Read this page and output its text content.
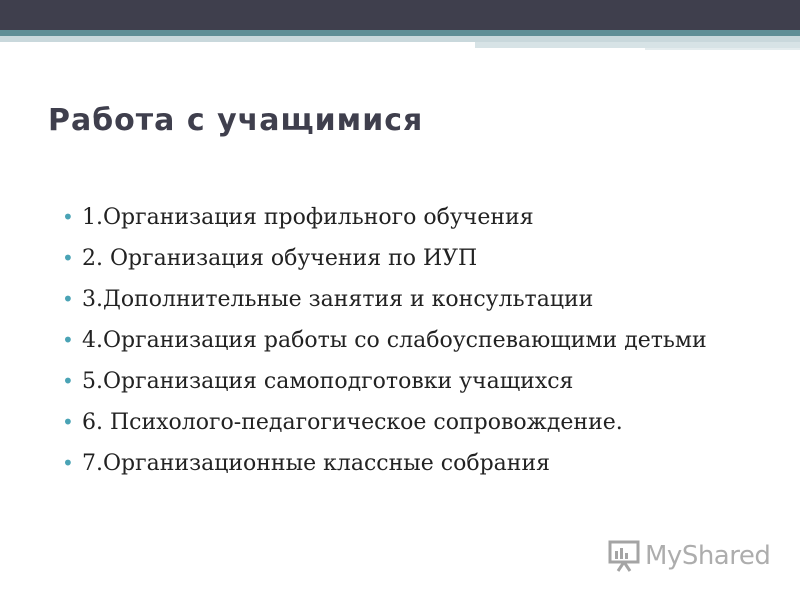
Работа с учащимися
• 1.Организация профильного обучения
• 2. Организация обучения по ИУП
• 3.Дополнительные занятия и консультации
• 4.Организация работы со слабоуспевающими детьми
• 5.Организация самоподготовки учащихся
• 6. Психолого-педагогическое сопровождение.
• 7.Организационные классные собрания
MyShared
